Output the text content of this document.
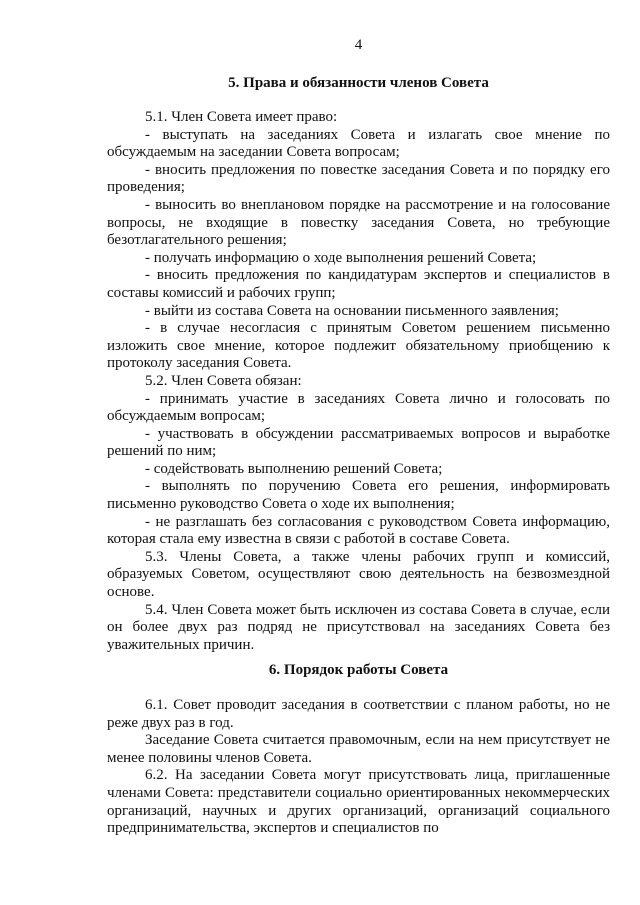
4
5. Права и обязанности членов Совета

5.1. Член Совета имеет право:

- выступать на заседаниях Совета и излагать свое мнение по обсуждаемым на заседании Совета вопросам;

- вносить предложения по повестке заседания Совета и по порядку его проведения;

- выносить во внеплановом порядке на рассмотрение и на голосование вопросы, не входящие в повестку заседания Совета, но требующие безотлагательного решения;

- получать информацию о ходе выполнения решений Совета;

- вносить предложения по кандидатурам экспертов и специалистов в составы комиссий и рабочих групп;

- выйти из состава Совета на основании письменного заявления;

- в случае несогласия с принятым Советом решением письменно изложить свое мнение, которое подлежит обязательному приобщению к протоколу заседания Совета.

5.2. Член Совета обязан:

- принимать участие в заседаниях Совета лично и голосовать по обсуждаемым вопросам;

- участвовать в обсуждении рассматриваемых вопросов и выработке решений по ним;

- содействовать выполнению решений Совета;

- выполнять по поручению Совета его решения, информировать письменно руководство Совета о ходе их выполнения;

- не разглашать без согласования с руководством Совета информацию, которая стала ему известна в связи с работой в составе Совета.

5.3. Члены Совета, а также члены рабочих групп и комиссий, образуемых Советом, осуществляют свою деятельность на безвозмездной основе.

5.4. Член Совета может быть исключен из состава Совета в случае, если он более двух раз подряд не присутствовал на заседаниях Совета без уважительных причин.

6. Порядок работы Совета

6.1. Совет проводит заседания в соответствии с планом работы, но не реже двух раз в год.

Заседание Совета считается правомочным, если на нем присутствует не менее половины членов Совета.

6.2. На заседании Совета могут присутствовать лица, приглашенные членами Совета: представители социально ориентированных некоммерческих организаций, научных и других организаций, организаций социального предпринимательства, экспертов и специалистов по
